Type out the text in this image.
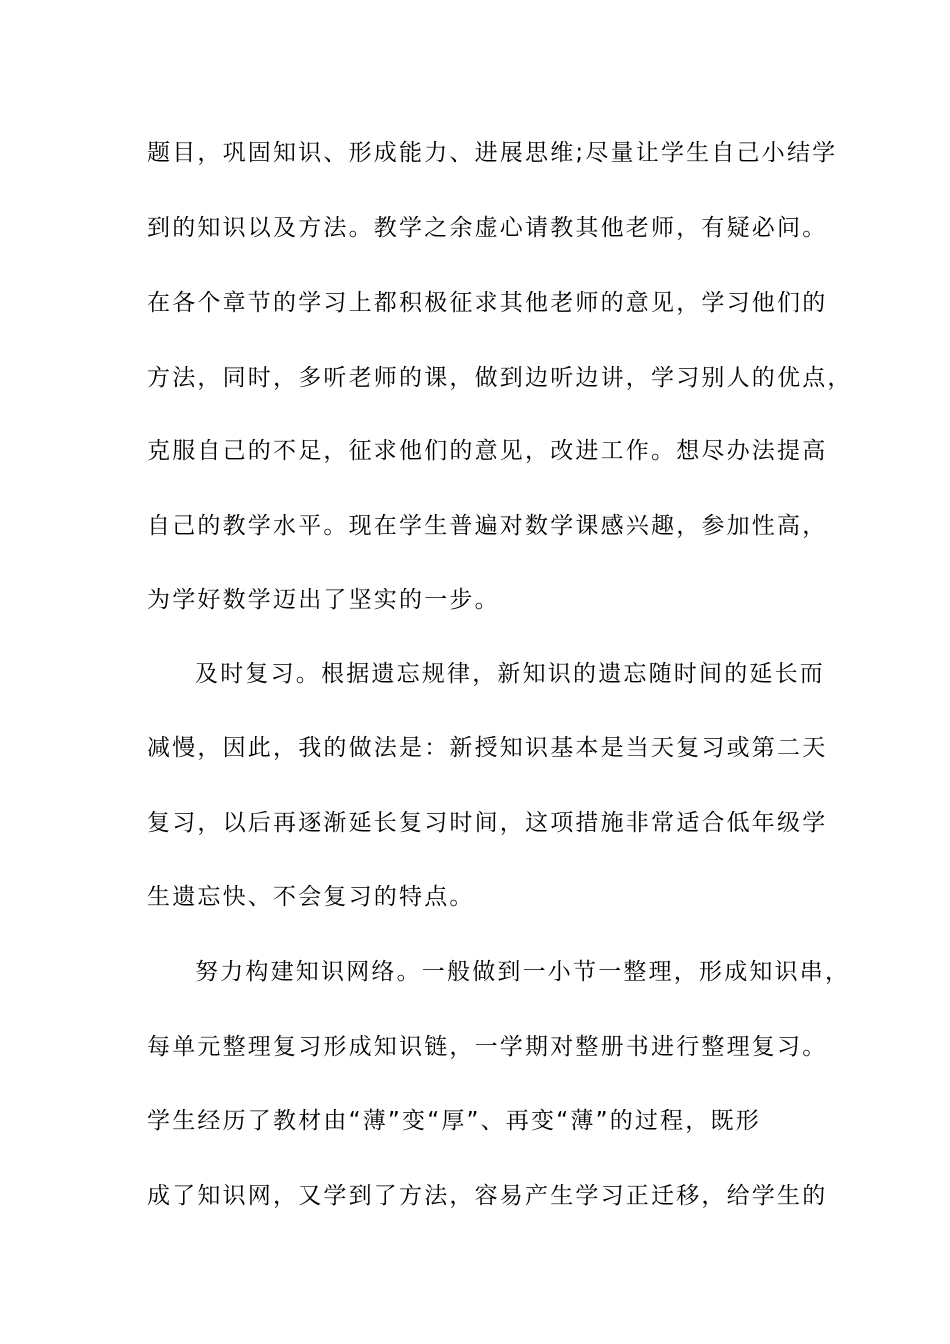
题目，巩固知识、形成能力、进展思维;尽量让学生自己小结学
到的知识以及方法。教学之余虚心请教其他老师，有疑必问。
在各个章节的学习上都积极征求其他老师的意见，学习他们的
方法，同时，多听老师的课，做到边听边讲，学习别人的优点，
克服自己的不足，征求他们的意见，改进工作。想尽办法提高
自己的教学水平。现在学生普遍对数学课感兴趣，参加性高，
为学好数学迈出了坚实的一步。
及时复习。根据遗忘规律，新知识的遗忘随时间的延长而
减慢，因此，我的做法是：新授知识基本是当天复习或第二天
复习，以后再逐渐延长复习时间，这项措施非常适合低年级学
生遗忘快、不会复习的特点。
努力构建知识网络。一般做到一小节一整理，形成知识串，
每单元整理复习形成知识链，一学期对整册书进行整理复习。
学生经历了教材由“薄”变“厚”、再变“薄”的过程，既形
成了知识网，又学到了方法，容易产生学习正迁移，给学生的
